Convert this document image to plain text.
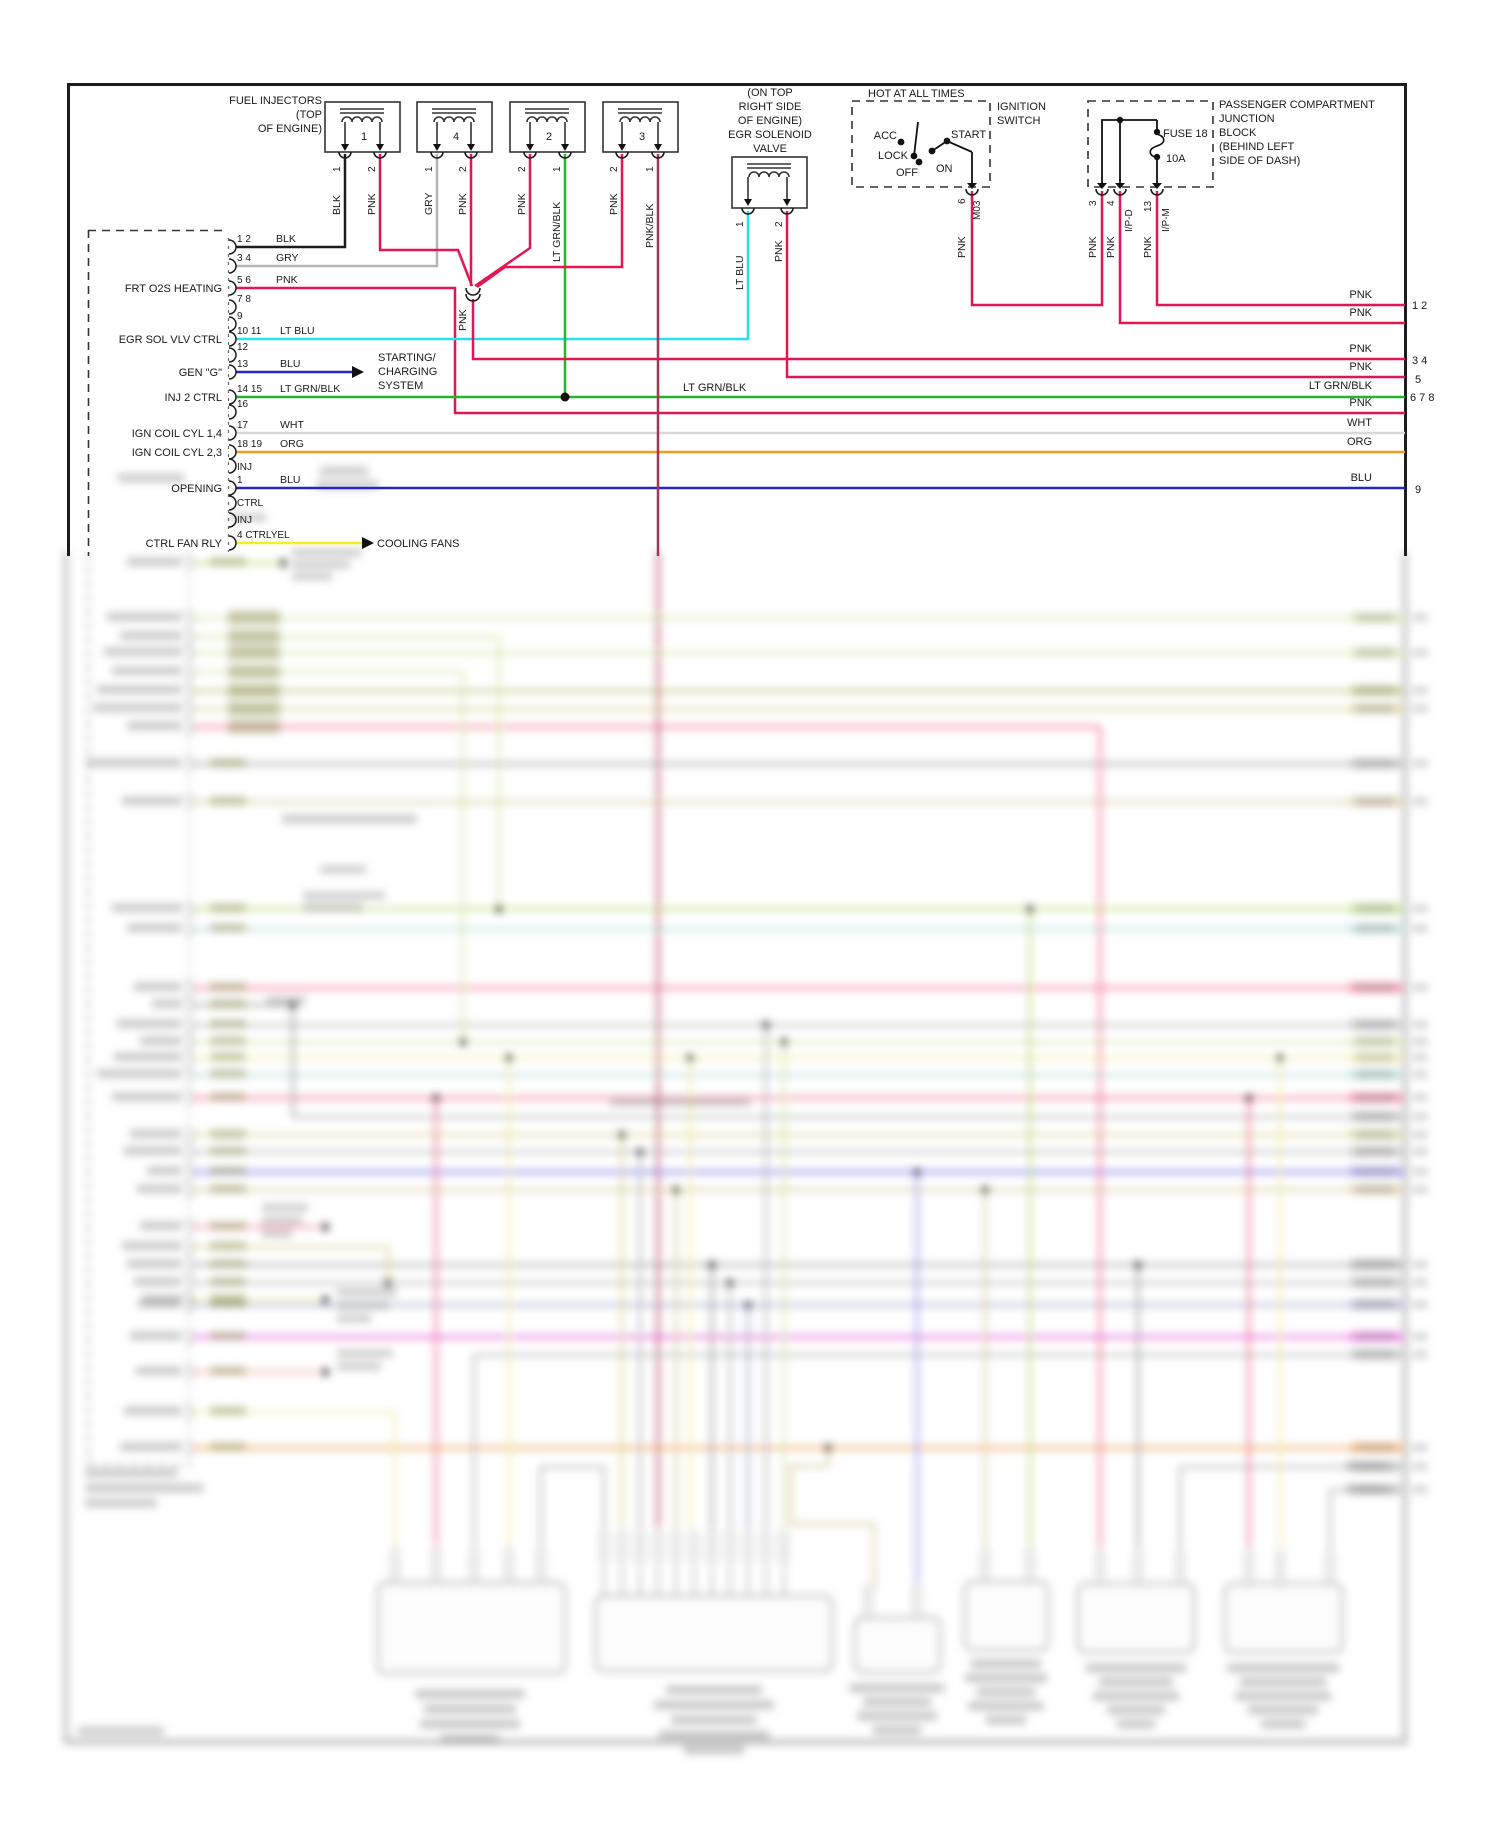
FUEL INJECTORS
(TOP
OF ENGINE)
1	4	2	3
1 2	1 2	2 1	2	1
BLK PNK	GRY PNK	PNK LT GRN/BLK	PNK PNK/BLK
PNK
(ON TOP
RIGHT SIDE
OF ENGINE)
EGR SOLENOID
VALVE
1	2
LT BLU
PNK
HOT AT ALL TIMES
IGNITION
SWITCH
ACC
LOCK
OFF ON
START
6 M03
PNK
PASSENGER COMPARTMENT
JUNCTION
BLOCK
(BEHIND LEFT
SIDE OF DASH)
FUSE 18
10A
3 4
I/P-D
13
I/P-M
PNK PNK PNK
1 2 BLK
3 4 GRY
5 6 PNK
FRT O2S HEATING
7 8
9
10 11 LT BLU
EGR SOL VLV CTRL
12
13	BLU
GEN "G"
14 15 LT GRN/BLK
INJ 2 CTRL
16
17	WHT
IGN COIL CYL 1,4
18 19 ORG
IGN COIL CYL 2,3
INJ
1	BLU
OPENING
CTRL
INJ
4 CTRLYEL
CTRL FAN RLY
STARTING/
CHARGING
SYSTEM
COOLING FANS
LT GRN/BLK
PNK
PNK
PNK
PNK
LT GRN/BLK
PNK
WHT
ORG
BLU
1 2
3 4
5
6 7 8
9
